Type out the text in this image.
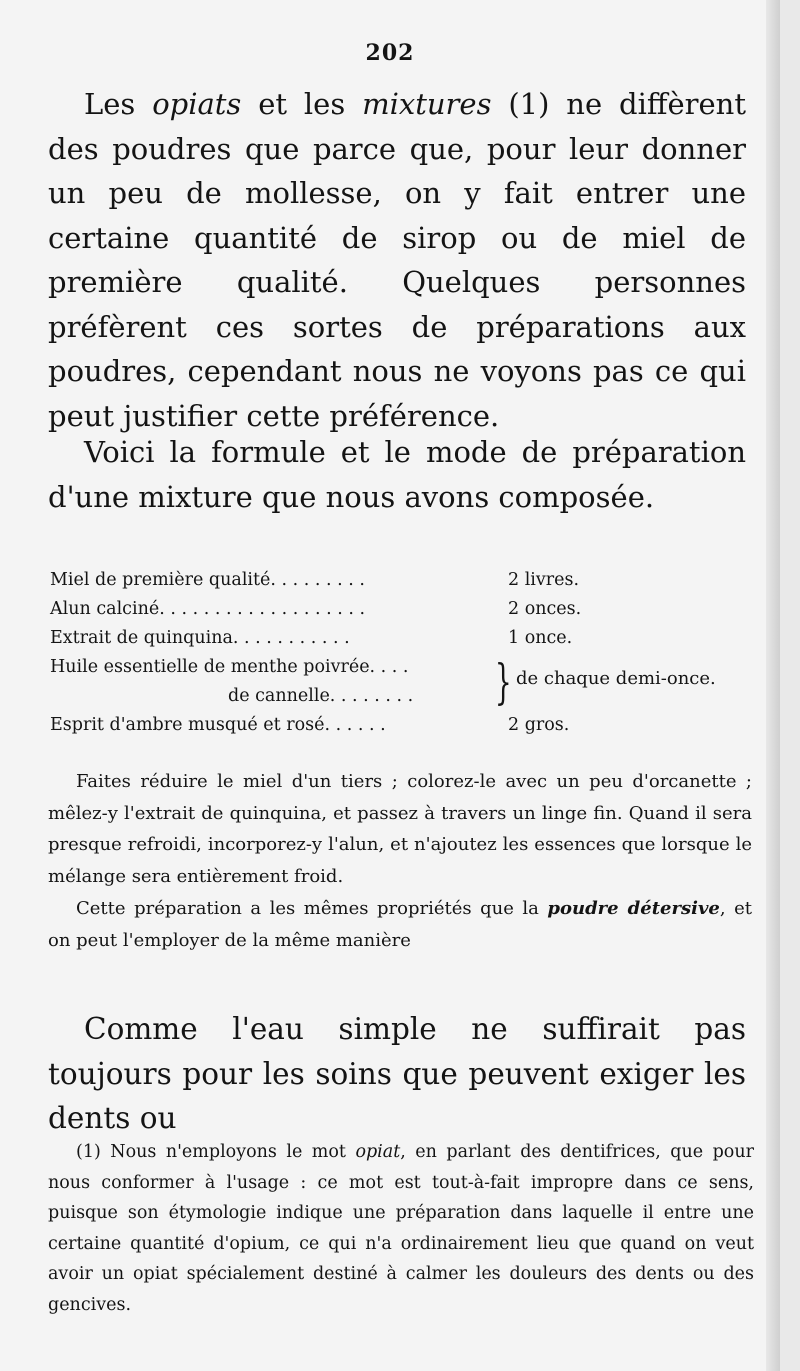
202

Les opiats et les mixtures (1) ne diffèrent des poudres que parce que, pour leur donner un peu de mollesse, on y fait entrer une certaine quantité de sirop ou de miel de première qualité. Quelques personnes préfèrent ces sortes de préparations aux poudres, cependant nous ne voyons pas ce qui peut justifier cette préférence.

Voici la formule et le mode de préparation d'une mixture que nous avons composée.

Miel de première qualité. . . . . . . . .	2 livres.
Alun calciné. . . . . . . . . . . . . . . . . . .	2 onces.
Extrait de quinquina. . . . . . . . . . .	1 once.
Huile essentielle de menthe poivrée. . . .
de cannelle. . . . . . . .	} de chaque demi-once.
Esprit d'ambre musqué et rosé. . . . . .	2 gros.

Faites réduire le miel d'un tiers ; colorez-le avec un peu d'orcanette ; mêlez-y l'extrait de quinquina, et passez à travers un linge fin. Quand il sera presque refroidi, incorporez-y l'alun, et n'ajoutez les essences que lorsque le mélange sera entièrement froid.

Cette préparation a les mêmes propriétés que la poudre détersive, et on peut l'employer de la même manière

Comme l'eau simple ne suffirait pas toujours pour les soins que peuvent exiger les dents ou

(1) Nous n'employons le mot opiat, en parlant des dentifrices, que pour nous conformer à l'usage : ce mot est tout-à-fait impropre dans ce sens, puisque son étymologie indique une préparation dans laquelle il entre une certaine quantité d'opium, ce qui n'a ordinairement lieu que quand on veut avoir un opiat spécialement destiné à calmer les douleurs des dents ou des gencives.
